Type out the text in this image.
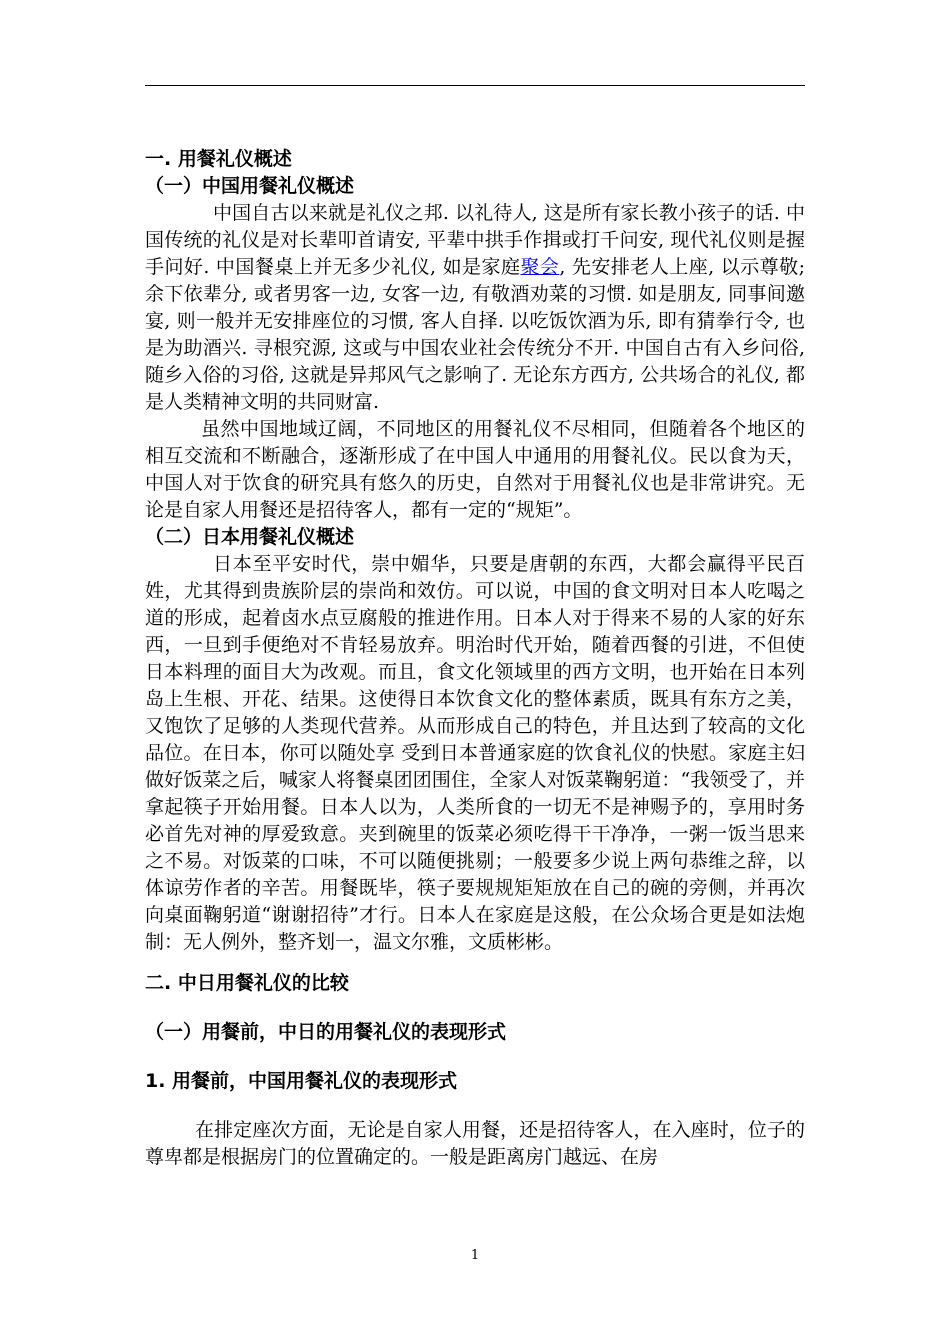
一. 用餐礼仪概述

（一）中国用餐礼仪概述

中国自古以来就是礼仪之邦. 以礼待人, 这是所有家长教小孩子的话. 中国传统的礼仪是对长辈叩首请安, 平辈中拱手作揖或打千问安, 现代礼仪则是握手问好. 中国餐桌上并无多少礼仪, 如是家庭聚会, 先安排老人上座, 以示尊敬; 余下依辈分, 或者男客一边, 女客一边, 有敬酒劝菜的习惯. 如是朋友, 同事间邀宴, 则一般并无安排座位的习惯, 客人自择. 以吃饭饮酒为乐, 即有猜拳行令, 也是为助酒兴. 寻根究源, 这或与中国农业社会传统分不开. 中国自古有入乡问俗, 随乡入俗的习俗, 这就是异邦风气之影响了. 无论东方西方, 公共场合的礼仪, 都是人类精神文明的共同财富.

虽然中国地域辽阔，不同地区的用餐礼仪不尽相同，但随着各个地区的相互交流和不断融合，逐渐形成了在中国人中通用的用餐礼仪。民以食为天，中国人对于饮食的研究具有悠久的历史，自然对于用餐礼仪也是非常讲究。无论是自家人用餐还是招待客人，都有一定的“规矩”。

（二）日本用餐礼仪概述

日本至平安时代，崇中媚华，只要是唐朝的东西，大都会赢得平民百姓，尤其得到贵族阶层的崇尚和效仿。可以说，中国的食文明对日本人吃喝之道的形成，起着卤水点豆腐般的推进作用。日本人对于得来不易的人家的好东西，一旦到手便绝对不肯轻易放弃。明治时代开始，随着西餐的引进，不但使日本料理的面目大为改观。而且，食文化领域里的西方文明，也开始在日本列岛上生根、开花、结果。这使得日本饮食文化的整体素质，既具有东方之美，又饱饮了足够的人类现代营养。从而形成自己的特色，并且达到了较高的文化品位。在日本，你可以随处享 受到日本普通家庭的饮食礼仪的快慰。家庭主妇做好饭菜之后，喊家人将餐桌团团围住，全家人对饭菜鞠躬道：“我领受了，并拿起筷子开始用餐。日本人以为，人类所食的一切无不是神赐予的，享用时务必首先对神的厚爱致意。夹到碗里的饭菜必须吃得干干净净，一粥一饭当思来之不易。对饭菜的口味，不可以随便挑剔；一般要多少说上两句恭维之辞，以体谅劳作者的辛苦。用餐既毕，筷子要规规矩矩放在自己的碗的旁侧，并再次向桌面鞠躬道“谢谢招待”才行。日本人在家庭是这般，在公众场合更是如法炮制：无人例外，整齐划一，温文尔雅，文质彬彬。

二. 中日用餐礼仪的比较

（一）用餐前，中日的用餐礼仪的表现形式

1. 用餐前，中国用餐礼仪的表现形式

在排定座次方面，无论是自家人用餐，还是招待客人，在入座时，位子的尊卑都是根据房门的位置确定的。一般是距离房门越远、在房

1
